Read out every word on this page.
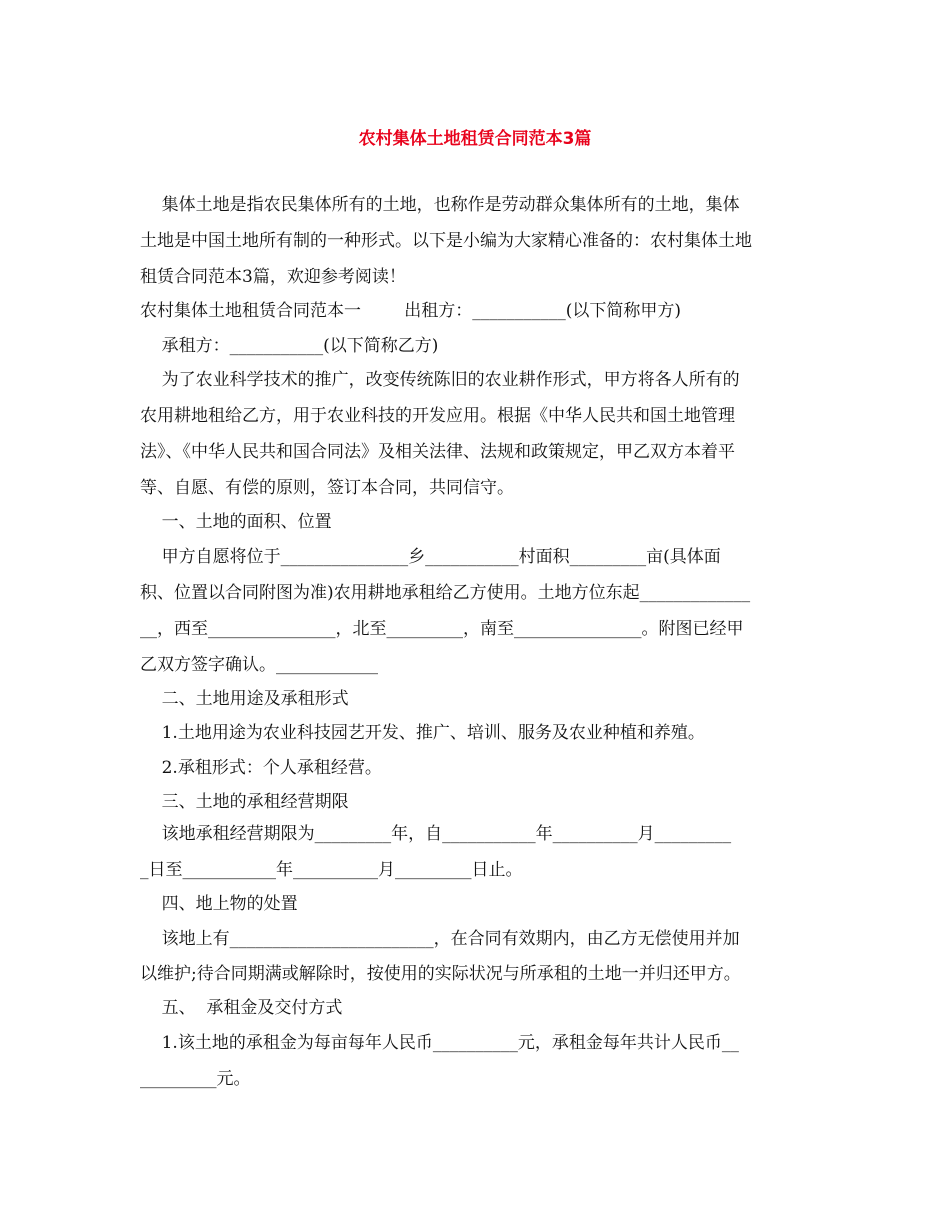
农村集体土地租赁合同范本3篇
集体土地是指农民集体所有的土地，也称作是劳动群众集体所有的土地，集体
土地是中国土地所有制的一种形式。以下是小编为大家精心准备的：农村集体土地
租赁合同范本3篇，欢迎参考阅读！
农村集体土地租赁合同范本一        出租方：___________(以下简称甲方)
承租方：___________(以下简称乙方)
为了农业科学技术的推广，改变传统陈旧的农业耕作形式，甲方将各人所有的
农用耕地租给乙方，用于农业科技的开发应用。根据《中华人民共和国土地管理
法》、《中华人民共和国合同法》及相关法律、法规和政策规定，甲乙双方本着平
等、自愿、有偿的原则，签订本合同，共同信守。
一、土地的面积、位置
甲方自愿将位于_______________乡___________村面积_________亩(具体面
积、位置以合同附图为准)农用耕地承租给乙方使用。土地方位东起_____________
__，西至_______________，北至_________，南至_______________。附图已经甲
乙双方签字确认。____________
二、土地用途及承租形式
1.土地用途为农业科技园艺开发、推广、培训、服务及农业种植和养殖。
2.承租形式：个人承租经营。
三、土地的承租经营期限
该地承租经营期限为_________年，自___________年__________月_________
_日至___________年__________月_________日止。
四、地上物的处置
该地上有________________________，在合同有效期内，由乙方无偿使用并加
以维护;待合同期满或解除时，按使用的实际状况与所承租的土地一并归还甲方。
五、  承租金及交付方式
1.该土地的承租金为每亩每年人民币__________元，承租金每年共计人民币__
_________元。
